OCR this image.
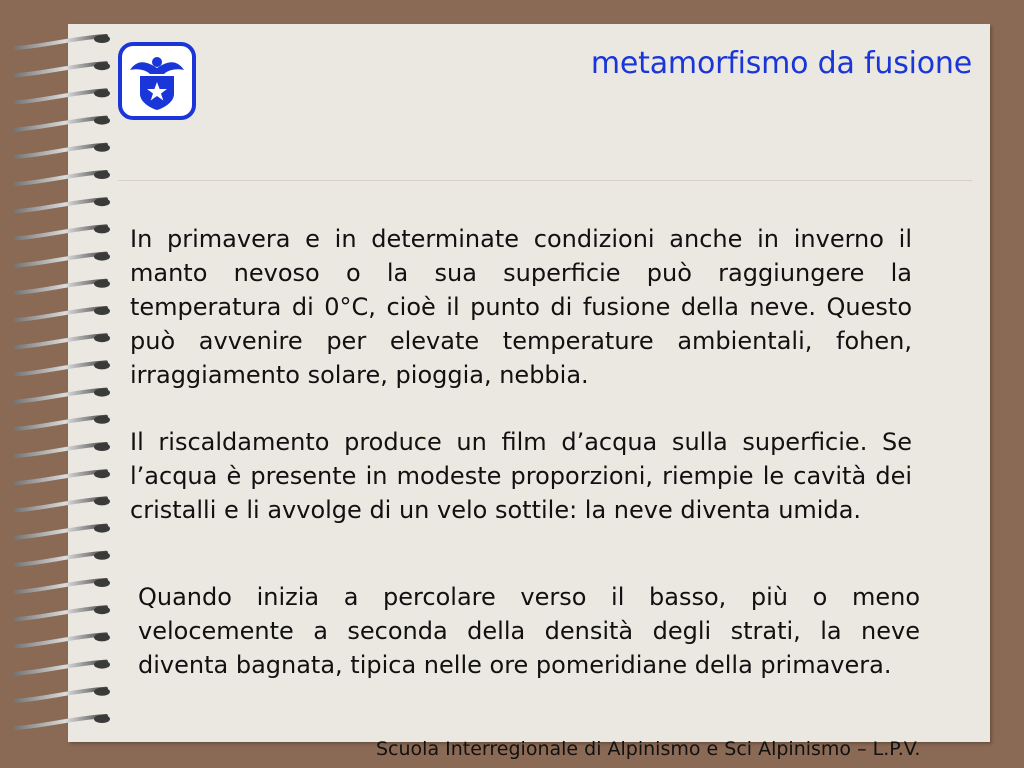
metamorfismo da fusione

In primavera e in determinate condizioni anche in inverno il manto nevoso o la sua superficie può raggiungere la temperatura di 0°C, cioè il punto di fusione della neve. Questo può avvenire per elevate temperature ambientali, fohen, irraggiamento solare, pioggia, nebbia.

Il riscaldamento produce un film d’acqua sulla superficie. Se l’acqua è presente in modeste proporzioni, riempie le cavità dei cristalli e li avvolge di un velo sottile: la neve diventa umida.

Quando inizia a percolare verso il basso, più o meno velocemente a seconda della densità degli strati, la neve diventa bagnata, tipica nelle ore pomeridiane della primavera.

Scuola Interregionale di Alpinismo e Sci Alpinismo – L.P.V.
